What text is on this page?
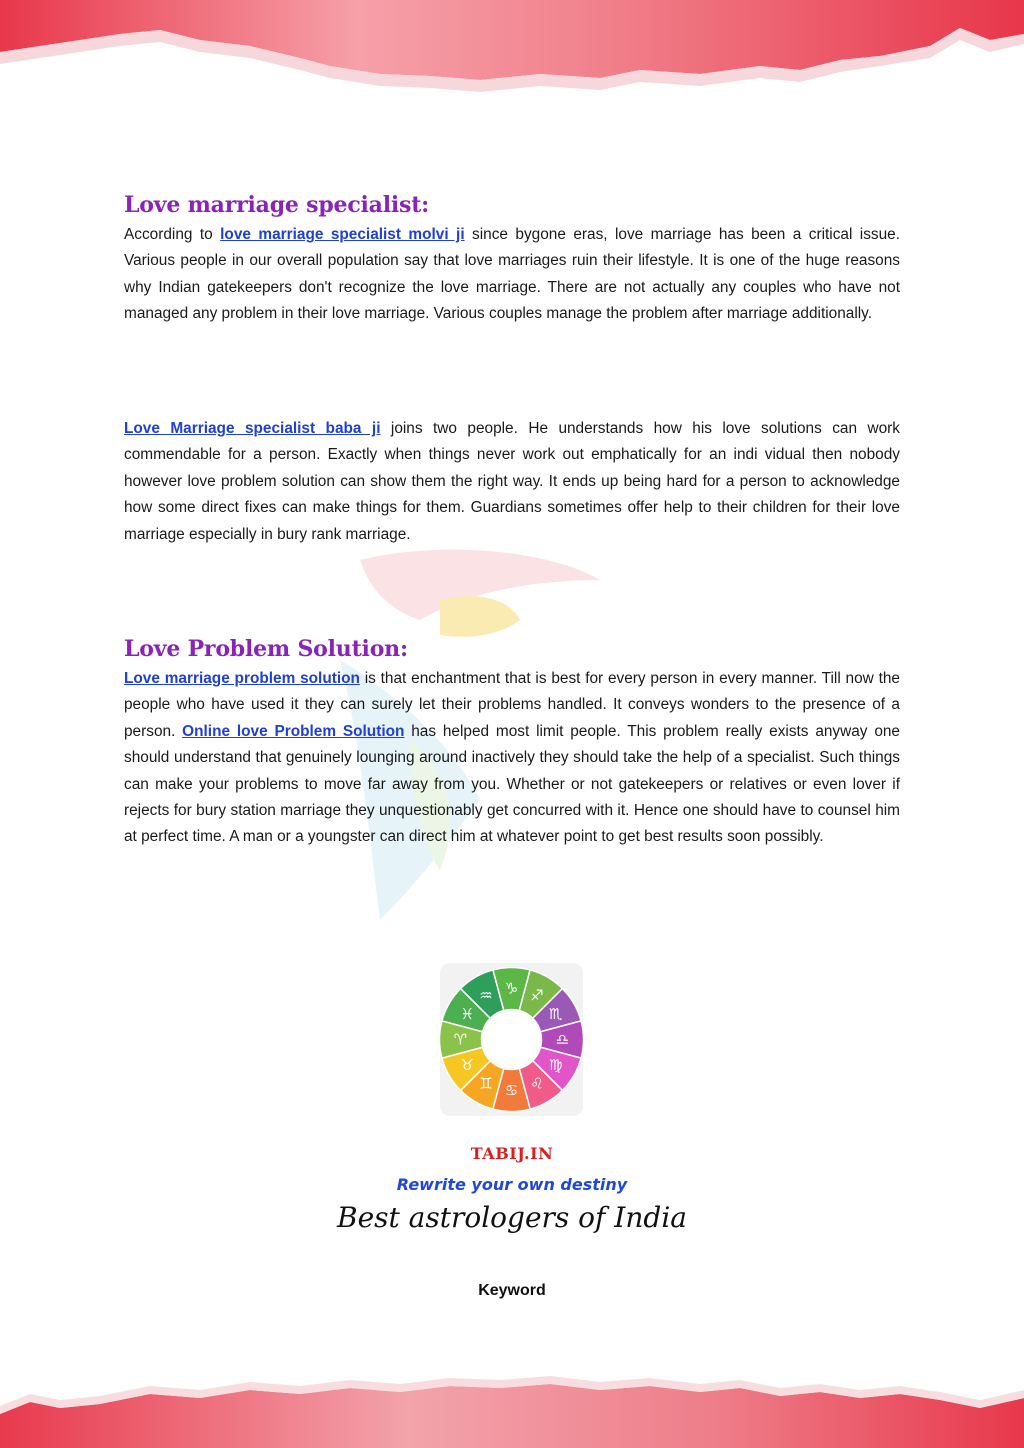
Love marriage specialist:

According to love marriage specialist molvi ji since bygone eras, love marriage has been a critical issue. Various people in our overall population say that love marriages ruin their lifestyle. It is one of the huge reasons why Indian gatekeepers don't recognize the love marriage. There are not actually any couples who have not managed any problem in their love marriage. Various couples manage the problem after marriage additionally.

Love Marriage specialist baba ji joins two people. He understands how his love solutions can work commendable for a person. Exactly when things never work out emphatically for an indi vidual then nobody however love problem solution can show them the right way. It ends up being hard for a person to acknowledge how some direct fixes can make things for them. Guardians sometimes offer help to their children for their love marriage especially in bury rank marriage.

Love Problem Solution:

Love marriage problem solution is that enchantment that is best for every person in every manner. Till now the people who have used it they can surely let their problems handled. It conveys wonders to the presence of a person. Online love Problem Solution has helped most limit people. This problem really exists anyway one should understand that genuinely lounging around inactively they should take the help of a specialist. Such things can make your problems to move far away from you. Whether or not gatekeepers or relatives or even lover if rejects for bury station marriage they unquestionably get concurred with it. Hence one should have to counsel him at perfect time. A man or a youngster can direct him at whatever point to get best results soon possibly.

♑ ♐
♏
♎
♍
♌
♋
♊
♉
♈
♓
♒
TABIJ.IN
Rewrite your own destiny
Best astrologers of India
Keyword
